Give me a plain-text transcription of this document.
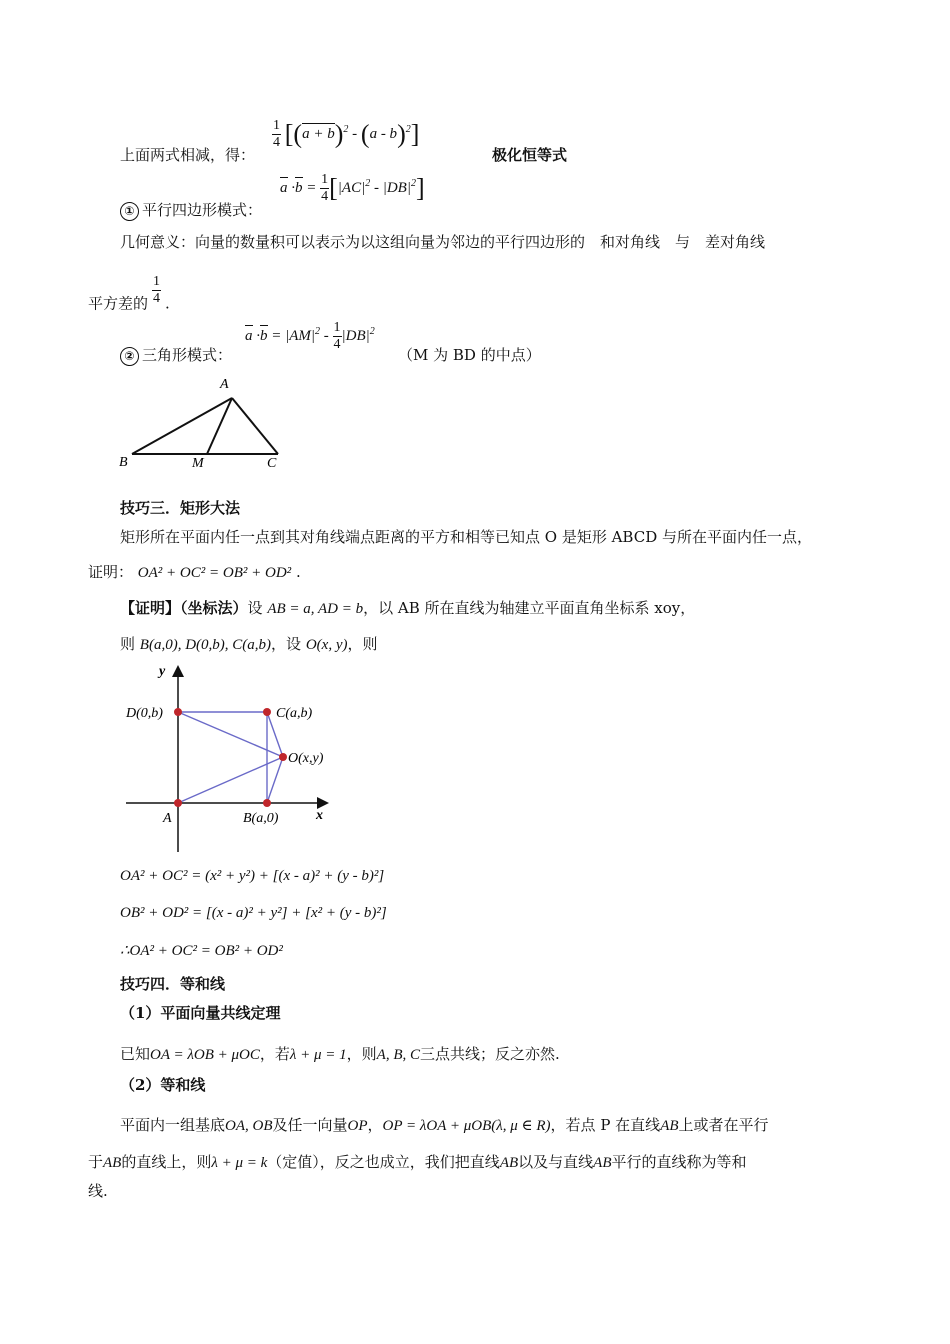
上面两式相减，得：
$\frac{1}{4} [(a + b)^2 - (a - b)^2]$
极化恒等式
① 平行四边形模式：
$a \cdot b = \frac{1}{4} [|AC|^2 - |DB|^2]$
几何意义：向量的数量积可以表示为以这组向量为邻边的平行四边形的　和对角线　与　差对角线
平方差的 $\frac{1}{4}$ .
② 三角形模式：
$a \cdot b = |AM|^2 - \frac{1}{4} |DB|^2$
（M 为 BD 的中点）
A
B	M	C
技巧三．矩形大法
矩形所在平面内任一点到其对角线端点距离的平方和相等已知点 O 是矩形 ABCD 与所在平面内任一点，
证明： OA² + OC² = OB² + OD² .
【证明】（坐标法）设 AB = a, AD = b，以 AB 所在直线为轴建立平面直角坐标系 xoy，
则 B(a,0), D(0,b), C(a,b)，设 O(x, y)，则
y
x
D(0,b)	C(a,b)
O(x,y)
A	B(a,0)
OA² + OC² = (x² + y²) + [(x - a)² + (y - b)²]
OB² + OD² = [(x - a)² + y²] + [x² + (y - b)²]
∴OA² + OC² = OB² + OD²
技巧四．等和线
（1）平面向量共线定理
已知OA = λOB + μOC，若λ + μ = 1，则A, B, C三点共线；反之亦然.
（2）等和线
平面内一组基底OA, OB及任一向量OP，OP = λOA + μOB(λ, μ ∈ R)，若点 P 在直线AB上或者在平行
于AB的直线上，则λ + μ = k（定值），反之也成立，我们把直线AB以及与直线AB平行的直线称为等和
线.
